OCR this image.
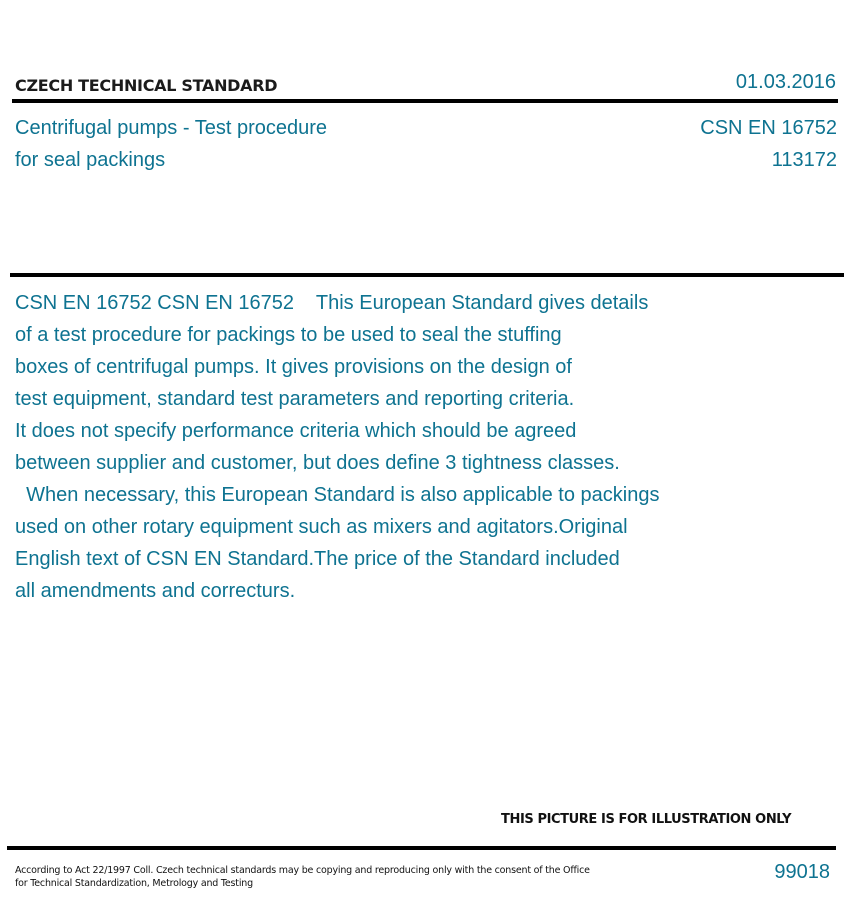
CZECH TECHNICAL STANDARD	01.03.2016
Centrifugal pumps - Test procedure
for seal packings
CSN EN 16752
113172
CSN EN 16752 CSN EN 16752    This European Standard gives details
of a test procedure for packings to be used to seal the stuffing
boxes of centrifugal pumps. It gives provisions on the design of
test equipment, standard test parameters and reporting criteria.
It does not specify performance criteria which should be agreed
between supplier and customer, but does define 3 tightness classes.
When necessary, this European Standard is also applicable to packings
used on other rotary equipment such as mixers and agitators.Original
English text of CSN EN Standard.The price of the Standard included
all amendments and correcturs.
THIS PICTURE IS FOR ILLUSTRATION ONLY
According to Act 22/1997 Coll. Czech technical standards may be copying and reproducing only with the consent of the Office
for Technical Standardization, Metrology and Testing
99018
